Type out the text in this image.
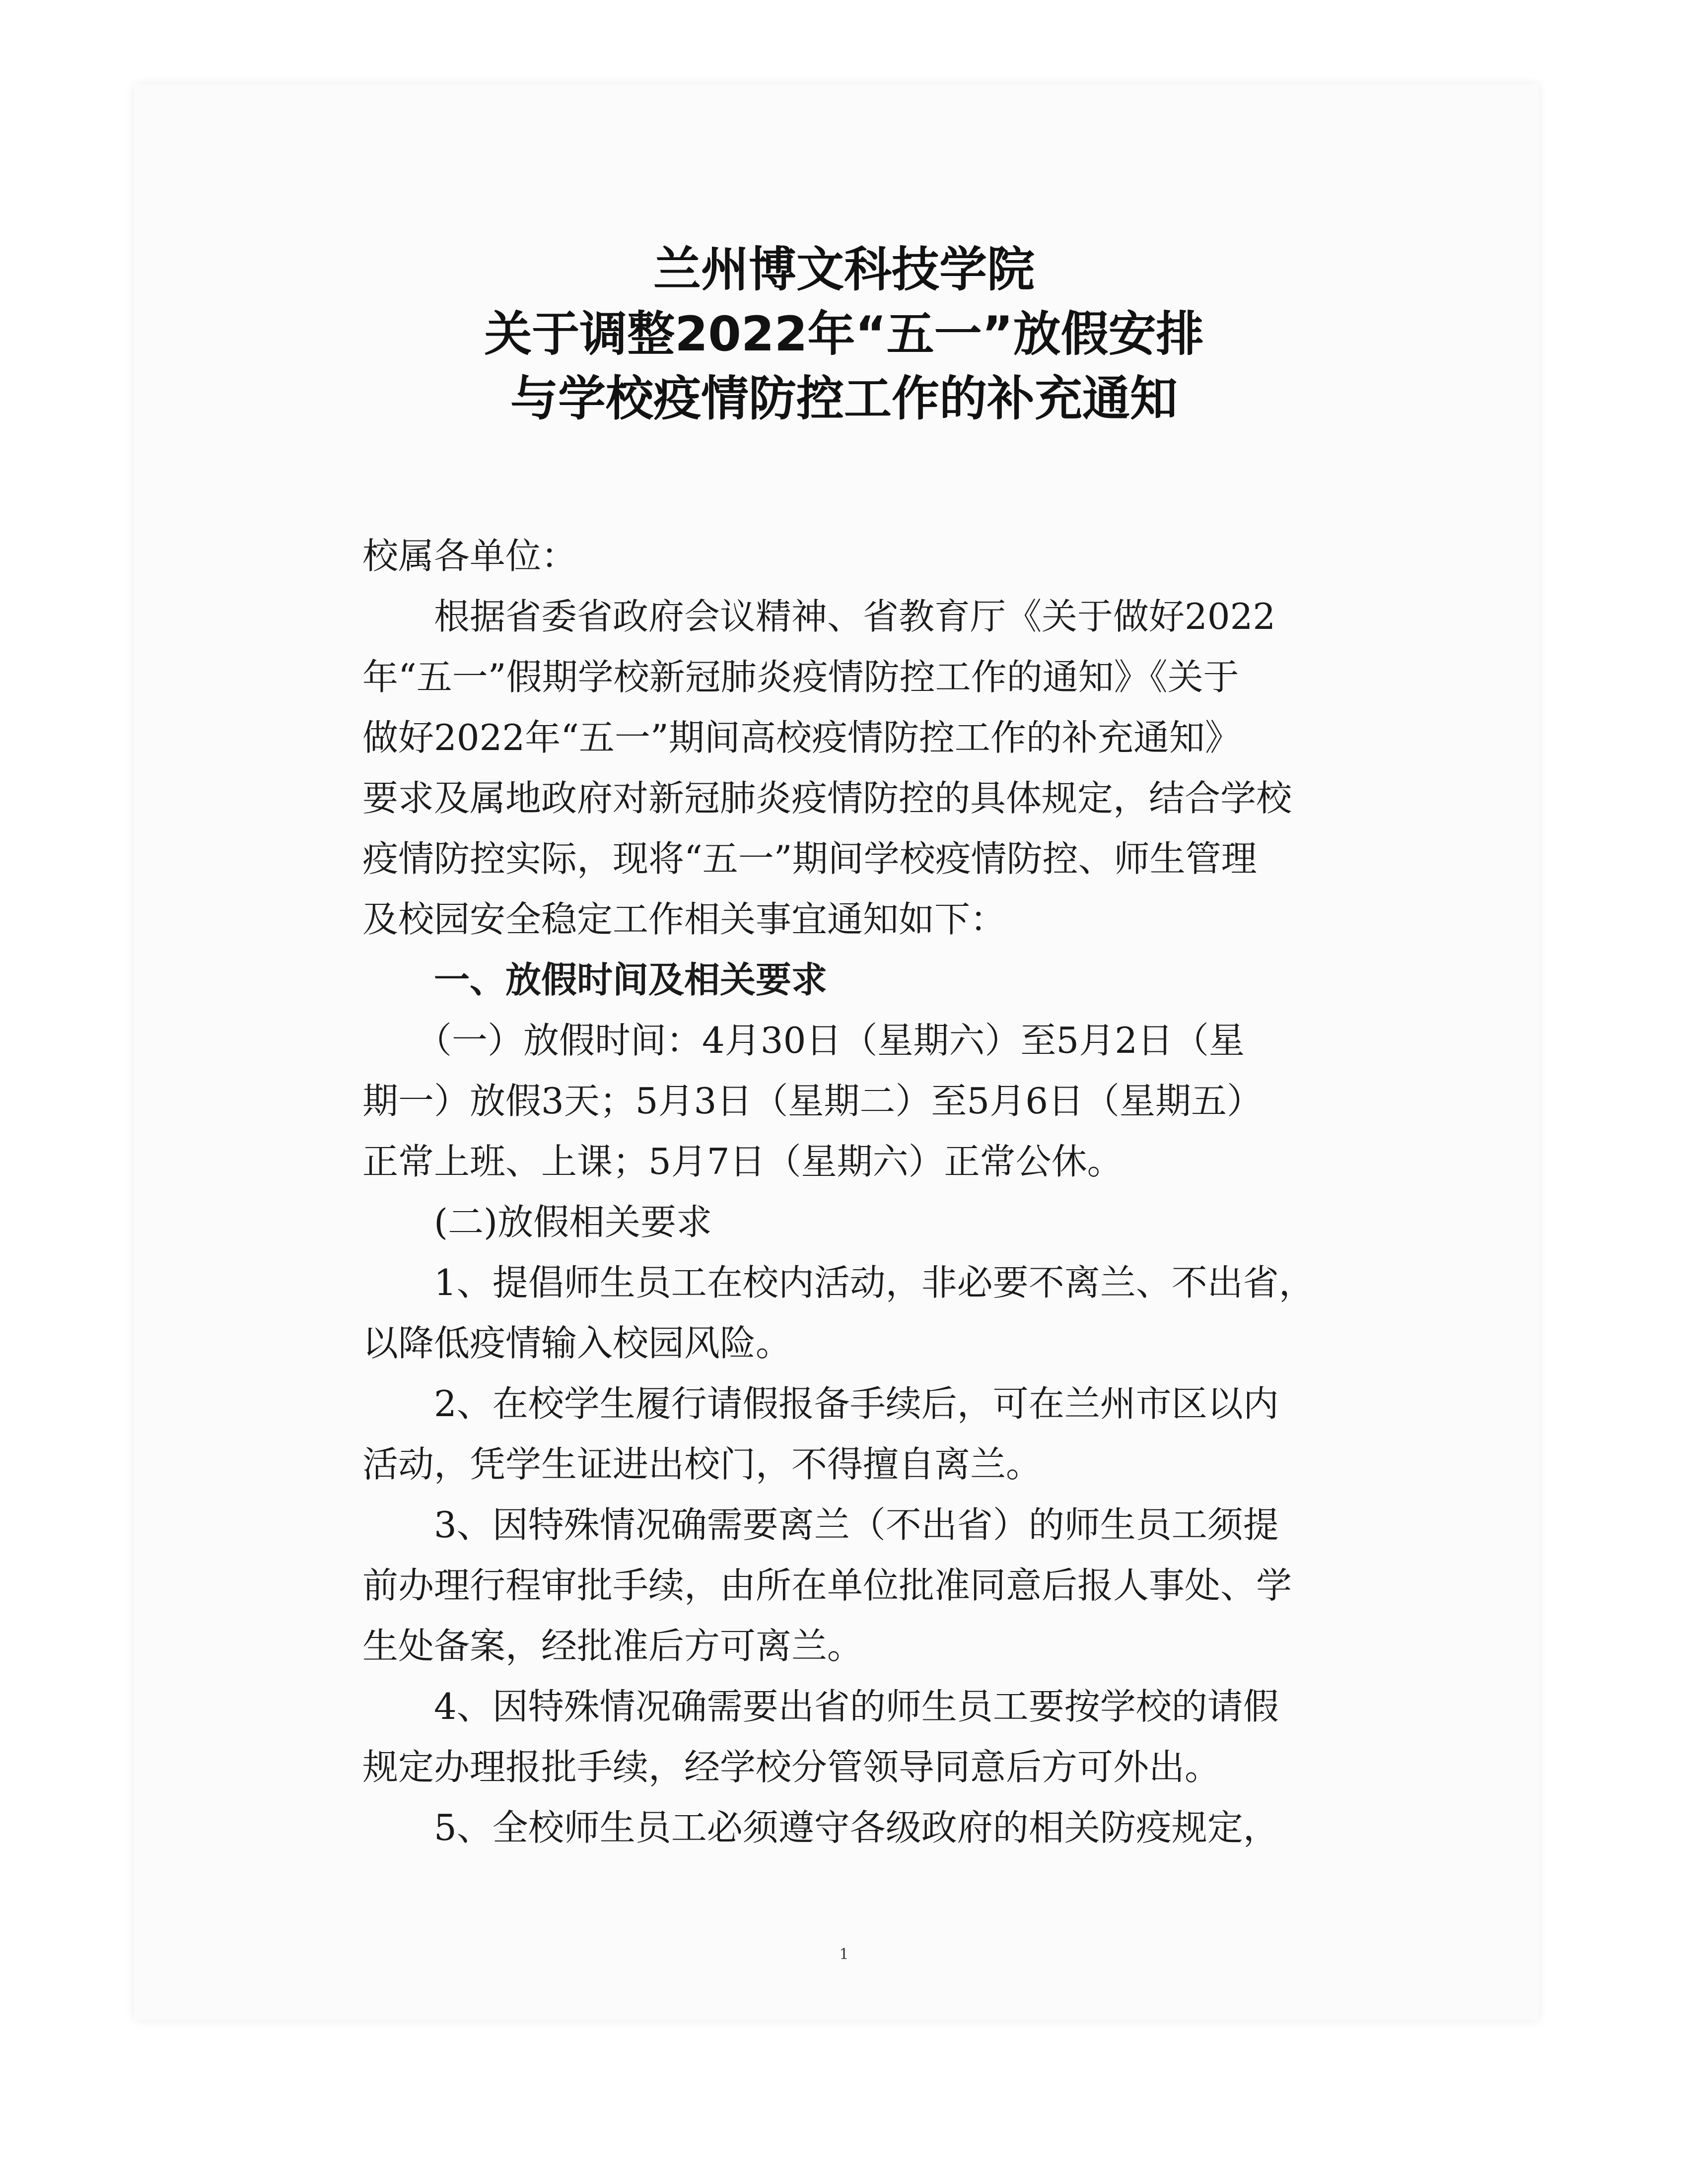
兰州博文科技学院
关于调整2022年“五一”放假安排
与学校疫情防控工作的补充通知

校属各单位：

　　根据省委省政府会议精神、省教育厅《关于做好2022

年“五一”假期学校新冠肺炎疫情防控工作的通知》《关于

做好2022年“五一”期间高校疫情防控工作的补充通知》

要求及属地政府对新冠肺炎疫情防控的具体规定，结合学校

疫情防控实际，现将“五一”期间学校疫情防控、师生管理

及校园安全稳定工作相关事宜通知如下：

　　一、放假时间及相关要求

　　（一）放假时间：4月30日（星期六）至5月2日（星

期一）放假3天；5月3日（星期二）至5月6日（星期五）

正常上班、上课；5月7日（星期六）正常公休。

　　(二)放假相关要求

　　1、提倡师生员工在校内活动，非必要不离兰、不出省，

以降低疫情输入校园风险。

　　2、在校学生履行请假报备手续后，可在兰州市区以内

活动，凭学生证进出校门，不得擅自离兰。

　　3、因特殊情况确需要离兰（不出省）的师生员工须提

前办理行程审批手续，由所在单位批准同意后报人事处、学

生处备案，经批准后方可离兰。

　　4、因特殊情况确需要出省的师生员工要按学校的请假

规定办理报批手续，经学校分管领导同意后方可外出。

　　5、全校师生员工必须遵守各级政府的相关防疫规定，

1
